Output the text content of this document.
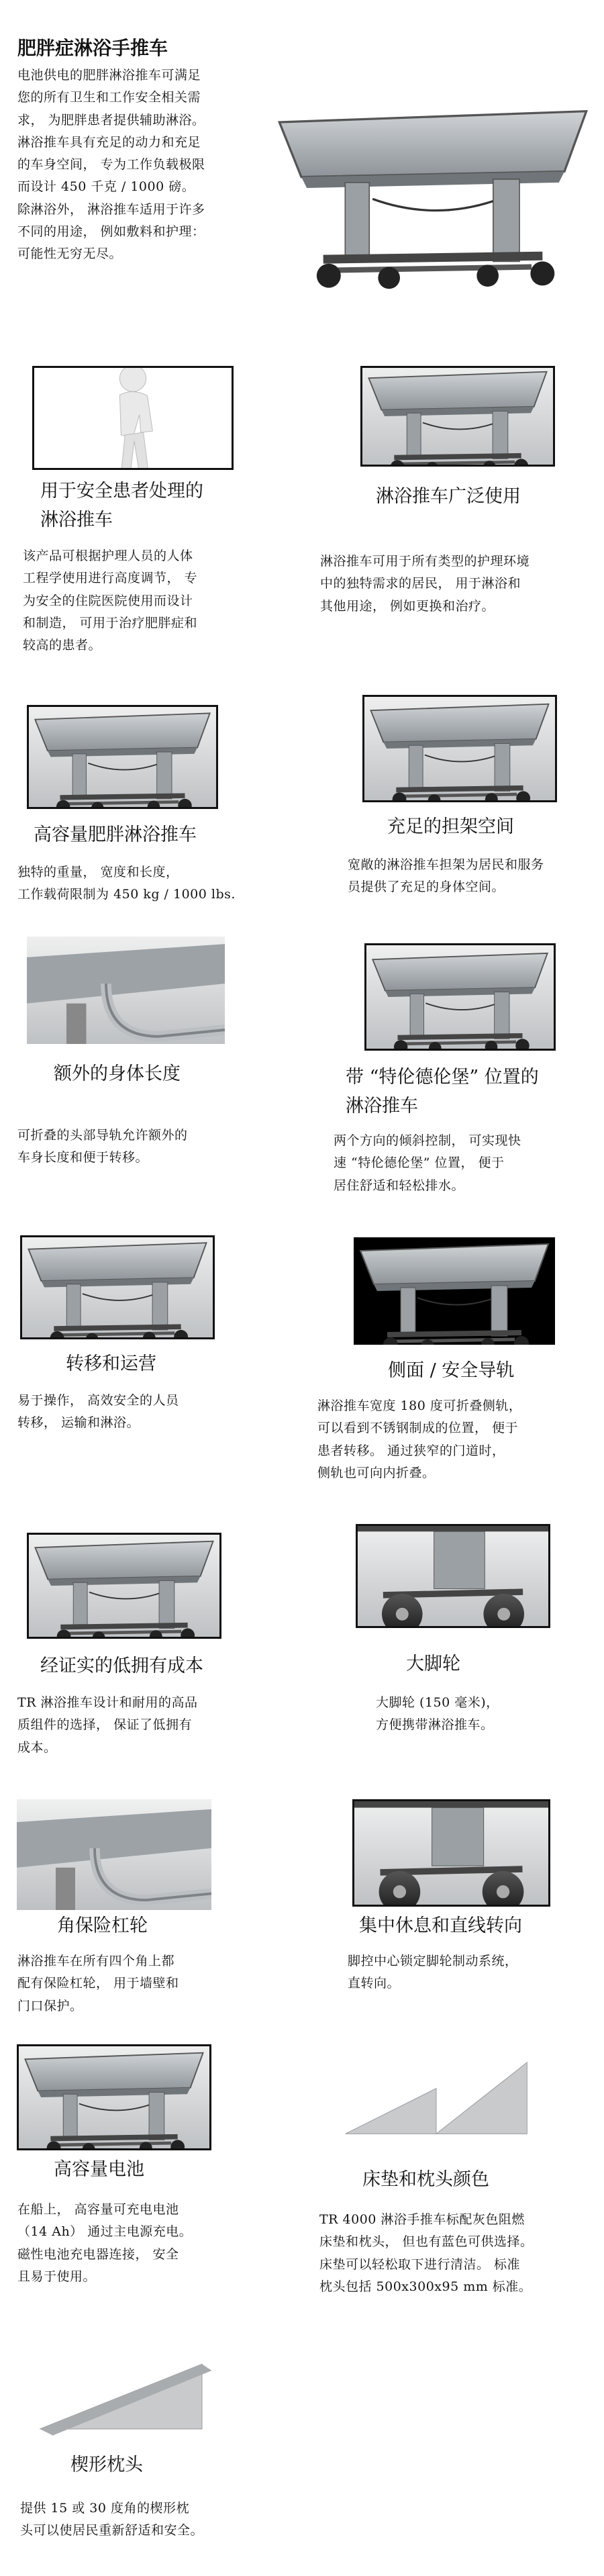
肥胖症淋浴手推车
电池供电的肥胖淋浴推车可满足
您的所有卫生和工作安全相关需
求， 为肥胖患者提供辅助淋浴。
淋浴推车具有充足的动力和充足
的车身空间， 专为工作负载极限
而设计 450 千克 / 1000 磅。
除淋浴外， 淋浴推车适用于许多
不同的用途， 例如敷料和护理：
可能性无穷无尽。
用于安全患者处理的
淋浴推车
该产品可根据护理人员的人体
工程学使用进行高度调节， 专
为安全的住院医院使用而设计
和制造， 可用于治疗肥胖症和
较高的患者。
淋浴推车广泛使用
淋浴推车可用于所有类型的护理环境
中的独特需求的居民， 用于淋浴和
其他用途， 例如更换和治疗。
高容量肥胖淋浴推车
独特的重量， 宽度和长度，
工作载荷限制为 450 kg / 1000 lbs.
充足的担架空间
宽敞的淋浴推车担架为居民和服务
员提供了充足的身体空间。
额外的身体长度
可折叠的头部导轨允许额外的
车身长度和便于转移。
带 “特伦德伦堡” 位置的
淋浴推车
两个方向的倾斜控制， 可实现快
速 “特伦德伦堡” 位置， 便于
居住舒适和轻松排水。
转移和运营
易于操作， 高效安全的人员
转移， 运输和淋浴。
侧面 / 安全导轨
淋浴推车宽度 180 度可折叠侧轨，
可以看到不锈钢制成的位置， 便于
患者转移。 通过狭窄的门道时，
侧轨也可向内折叠。
经证实的低拥有成本
TR 淋浴推车设计和耐用的高品
质组件的选择， 保证了低拥有
成本。
大脚轮
大脚轮 (150 毫米)，
方便携带淋浴推车。
角保险杠轮
淋浴推车在所有四个角上都
配有保险杠轮， 用于墙壁和
门口保护。
集中休息和直线转向
脚控中心锁定脚轮制动系统，
直转向。
高容量电池
在船上， 高容量可充电电池
（14 Ah） 通过主电源充电。
磁性电池充电器连接， 安全
且易于使用。
床垫和枕头颜色
TR 4000 淋浴手推车标配灰色阻燃
床垫和枕头， 但也有蓝色可供选择。
床垫可以轻松取下进行清洁。 标准
枕头包括 500x300x95 mm 标准。
楔形枕头
提供 15 或 30 度角的楔形枕
头可以使居民重新舒适和安全。
